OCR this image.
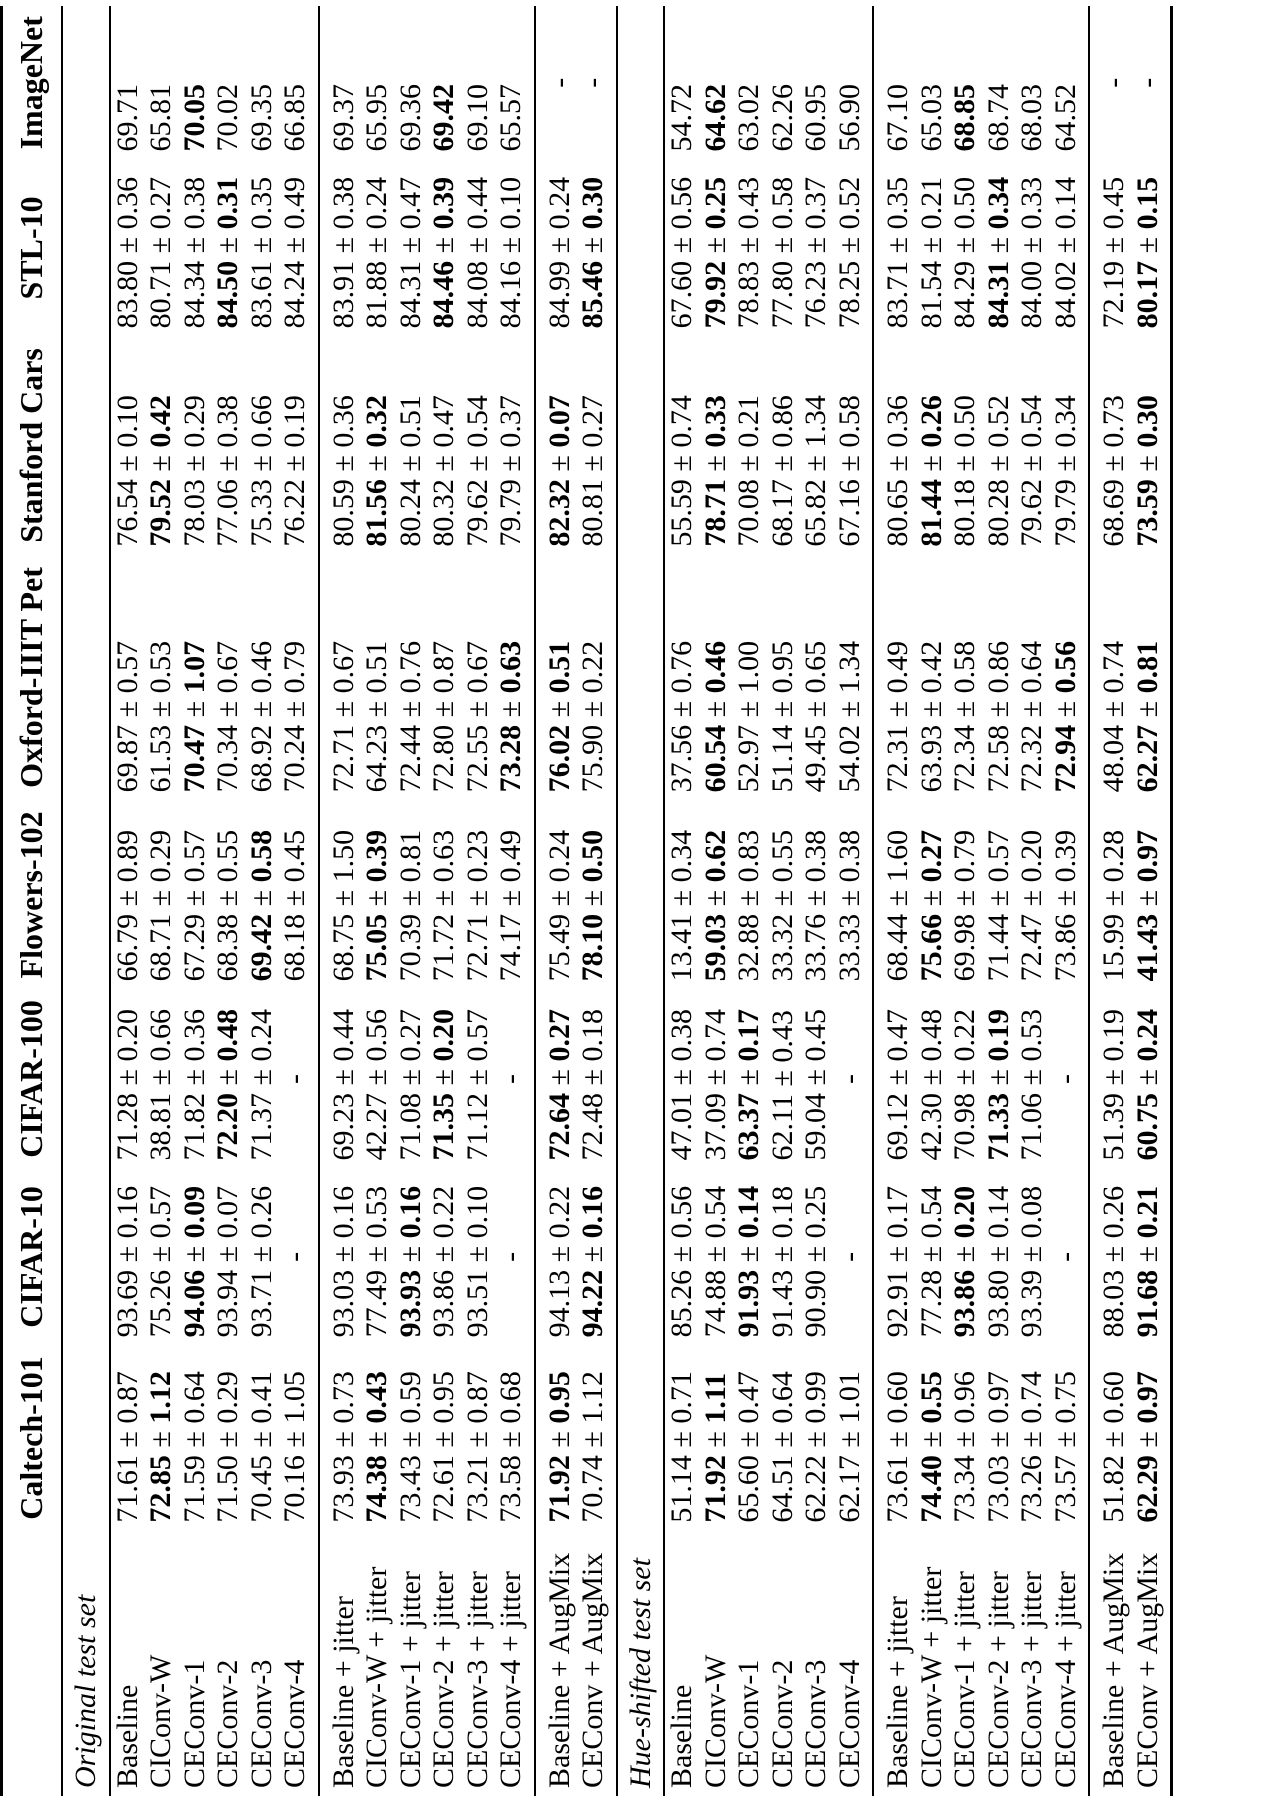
	Caltech-101	CIFAR-10	CIFAR-100	Flowers-102	Oxford-IIIT Pet	Stanford Cars	STL-10	ImageNet
Original test set								
Baseline	71.61 ± 0.87	93.69 ± 0.16	71.28 ± 0.20	66.79 ± 0.89	69.87 ± 0.57	76.54 ± 0.10	83.80 ± 0.36	69.71
CIConv-W	72.85 ± 1.12	75.26 ± 0.57	38.81 ± 0.66	68.71 ± 0.29	61.53 ± 0.53	79.52 ± 0.42	80.71 ± 0.27	65.81
CEConv-1	71.59 ± 0.64	94.06 ± 0.09	71.82 ± 0.36	67.29 ± 0.57	70.47 ± 1.07	78.03 ± 0.29	84.34 ± 0.38	70.05
CEConv-2	71.50 ± 0.29	93.94 ± 0.07	72.20 ± 0.48	68.38 ± 0.55	70.34 ± 0.67	77.06 ± 0.38	84.50 ± 0.31	70.02
CEConv-3	70.45 ± 0.41	93.71 ± 0.26	71.37 ± 0.24	69.42 ± 0.58	68.92 ± 0.46	75.33 ± 0.66	83.61 ± 0.35	69.35
CEConv-4	70.16 ± 1.05	-	-	68.18 ± 0.45	70.24 ± 0.79	76.22 ± 0.19	84.24 ± 0.49	66.85
Baseline + jitter	73.93 ± 0.73	93.03 ± 0.16	69.23 ± 0.44	68.75 ± 1.50	72.71 ± 0.67	80.59 ± 0.36	83.91 ± 0.38	69.37
CIConv-W + jitter	74.38 ± 0.43	77.49 ± 0.53	42.27 ± 0.56	75.05 ± 0.39	64.23 ± 0.51	81.56 ± 0.32	81.88 ± 0.24	65.95
CEConv-1 + jitter	73.43 ± 0.59	93.93 ± 0.16	71.08 ± 0.27	70.39 ± 0.81	72.44 ± 0.76	80.24 ± 0.51	84.31 ± 0.47	69.36
CEConv-2 + jitter	72.61 ± 0.95	93.86 ± 0.22	71.35 ± 0.20	71.72 ± 0.63	72.80 ± 0.87	80.32 ± 0.47	84.46 ± 0.39	69.42
CEConv-3 + jitter	73.21 ± 0.87	93.51 ± 0.10	71.12 ± 0.57	72.71 ± 0.23	72.55 ± 0.67	79.62 ± 0.54	84.08 ± 0.44	69.10
CEConv-4 + jitter	73.58 ± 0.68	-	-	74.17 ± 0.49	73.28 ± 0.63	79.79 ± 0.37	84.16 ± 0.10	65.57
Baseline + AugMix	71.92 ± 0.95	94.13 ± 0.22	72.64 ± 0.27	75.49 ± 0.24	76.02 ± 0.51	82.32 ± 0.07	84.99 ± 0.24	-
CEConv + AugMix	70.74 ± 1.12	94.22 ± 0.16	72.48 ± 0.18	78.10 ± 0.50	75.90 ± 0.22	80.81 ± 0.27	85.46 ± 0.30	-
Hue-shifted test set								
Baseline	51.14 ± 0.71	85.26 ± 0.56	47.01 ± 0.38	13.41 ± 0.34	37.56 ± 0.76	55.59 ± 0.74	67.60 ± 0.56	54.72
CIConv-W	71.92 ± 1.11	74.88 ± 0.54	37.09 ± 0.74	59.03 ± 0.62	60.54 ± 0.46	78.71 ± 0.33	79.92 ± 0.25	64.62
CEConv-1	65.60 ± 0.47	91.93 ± 0.14	63.37 ± 0.17	32.88 ± 0.83	52.97 ± 1.00	70.08 ± 0.21	78.83 ± 0.43	63.02
CEConv-2	64.51 ± 0.64	91.43 ± 0.18	62.11 ± 0.43	33.32 ± 0.55	51.14 ± 0.95	68.17 ± 0.86	77.80 ± 0.58	62.26
CEConv-3	62.22 ± 0.99	90.90 ± 0.25	59.04 ± 0.45	33.76 ± 0.38	49.45 ± 0.65	65.82 ± 1.34	76.23 ± 0.37	60.95
CEConv-4	62.17 ± 1.01	-	-	33.33 ± 0.38	54.02 ± 1.34	67.16 ± 0.58	78.25 ± 0.52	56.90
Baseline + jitter	73.61 ± 0.60	92.91 ± 0.17	69.12 ± 0.47	68.44 ± 1.60	72.31 ± 0.49	80.65 ± 0.36	83.71 ± 0.35	67.10
CIConv-W + jitter	74.40 ± 0.55	77.28 ± 0.54	42.30 ± 0.48	75.66 ± 0.27	63.93 ± 0.42	81.44 ± 0.26	81.54 ± 0.21	65.03
CEConv-1 + jitter	73.34 ± 0.96	93.86 ± 0.20	70.98 ± 0.22	69.98 ± 0.79	72.34 ± 0.58	80.18 ± 0.50	84.29 ± 0.50	68.85
CEConv-2 + jitter	73.03 ± 0.97	93.80 ± 0.14	71.33 ± 0.19	71.44 ± 0.57	72.58 ± 0.86	80.28 ± 0.52	84.31 ± 0.34	68.74
CEConv-3 + jitter	73.26 ± 0.74	93.39 ± 0.08	71.06 ± 0.53	72.47 ± 0.20	72.32 ± 0.64	79.62 ± 0.54	84.00 ± 0.33	68.03
CEConv-4 + jitter	73.57 ± 0.75	-	-	73.86 ± 0.39	72.94 ± 0.56	79.79 ± 0.34	84.02 ± 0.14	64.52
Baseline + AugMix	51.82 ± 0.60	88.03 ± 0.26	51.39 ± 0.19	15.99 ± 0.28	48.04 ± 0.74	68.69 ± 0.73	72.19 ± 0.45	-
CEConv + AugMix	62.29 ± 0.97	91.68 ± 0.21	60.75 ± 0.24	41.43 ± 0.97	62.27 ± 0.81	73.59 ± 0.30	80.17 ± 0.15	-
